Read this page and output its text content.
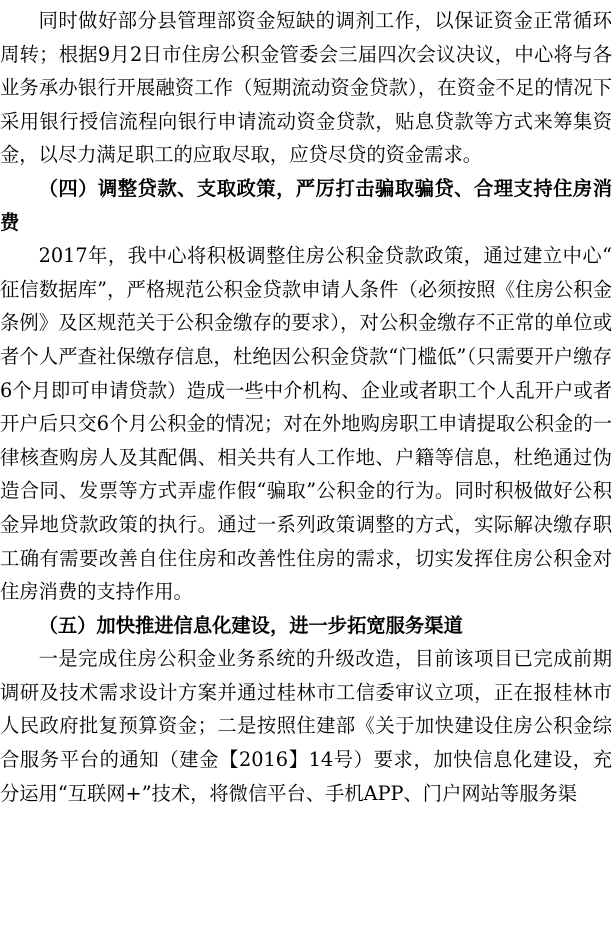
同时做好部分县管理部资金短缺的调剂工作，以保证资金正常循环周转；根据9月2日市住房公积金管委会三届四次会议决议，中心将与各业务承办银行开展融资工作（短期流动资金贷款），在资金不足的情况下采用银行授信流程向银行申请流动资金贷款，贴息贷款等方式来筹集资金，以尽力满足职工的应取尽取，应贷尽贷的资金需求。

（四）调整贷款、支取政策，严厉打击骗取骗贷、合理支持住房消费

2017年，我中心将积极调整住房公积金贷款政策，通过建立中心“征信数据库”，严格规范公积金贷款申请人条件（必须按照《住房公积金条例》及区规范关于公积金缴存的要求），对公积金缴存不正常的单位或者个人严查社保缴存信息，杜绝因公积金贷款“门槛低”（只需要开户缴存6个月即可申请贷款）造成一些中介机构、企业或者职工个人乱开户或者开户后只交6个月公积金的情况；对在外地购房职工申请提取公积金的一律核查购房人及其配偶、相关共有人工作地、户籍等信息，杜绝通过伪造合同、发票等方式弄虚作假“骗取”公积金的行为。同时积极做好公积金异地贷款政策的执行。通过一系列政策调整的方式，实际解决缴存职工确有需要改善自住住房和改善性住房的需求，切实发挥住房公积金对住房消费的支持作用。

（五）加快推进信息化建设，进一步拓宽服务渠道

一是完成住房公积金业务系统的升级改造，目前该项目已完成前期调研及技术需求设计方案并通过桂林市工信委审议立项，正在报桂林市人民政府批复预算资金；二是按照住建部《关于加快建设住房公积金综合服务平台的通知（建金【2016】14号）要求，加快信息化建设，充分运用“互联网+”技术，将微信平台、手机APP、门户网站等服务渠
